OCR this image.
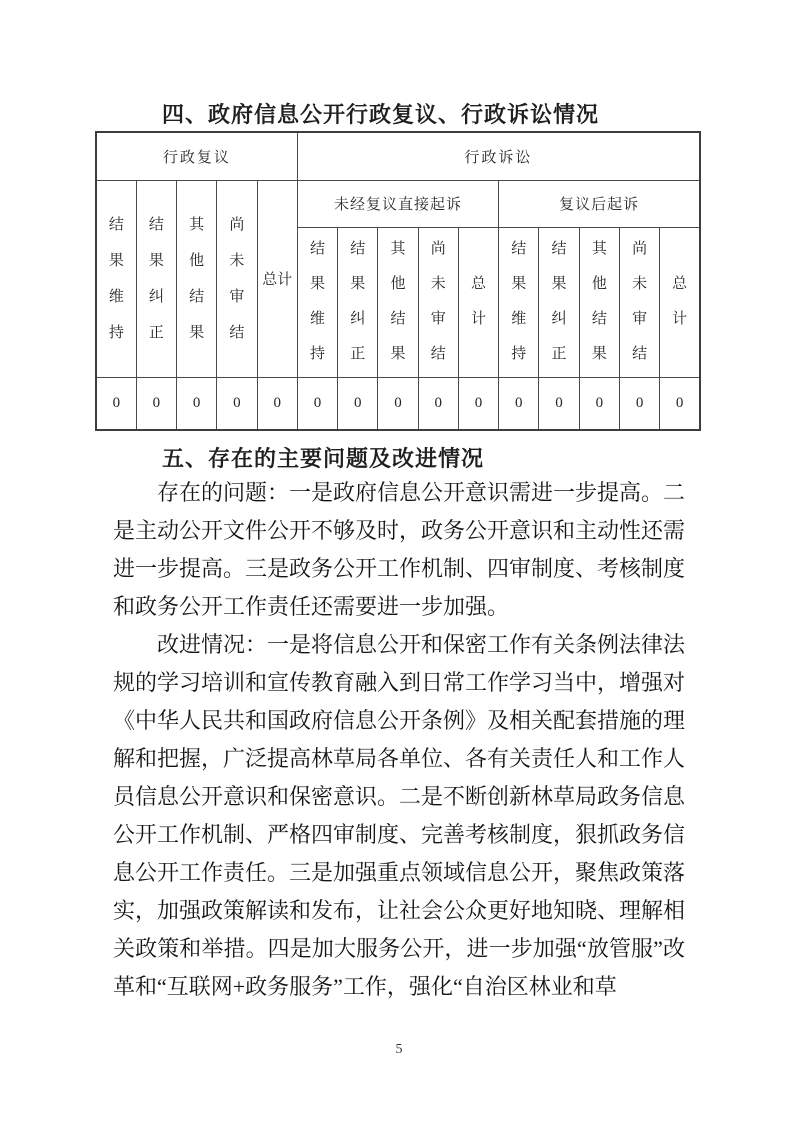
四、政府信息公开行政复议、行政诉讼情况
行政复议					行政诉讼									

结果维持	结果纠正	其他结果	尚未审结	总计	未经复议直接起诉					复议后起诉				

					结果维持	结果纠正	其他结果	尚未审结	总计	结果维持	结果纠正	其他结果	尚未审结	总计

0	0	0	0	0	0	0	0	0	0	0	0	0	0	0
五、存在的主要问题及改进情况

存在的问题：一是政府信息公开意识需进一步提高。二是主动公开文件公开不够及时，政务公开意识和主动性还需进一步提高。三是政务公开工作机制、四审制度、考核制度和政务公开工作责任还需要进一步加强。

改进情况：一是将信息公开和保密工作有关条例法律法规的学习培训和宣传教育融入到日常工作学习当中，增强对《中华人民共和国政府信息公开条例》及相关配套措施的理解和把握，广泛提高林草局各单位、各有关责任人和工作人员信息公开意识和保密意识。二是不断创新林草局政务信息公开工作机制、严格四审制度、完善考核制度，狠抓政务信息公开工作责任。三是加强重点领域信息公开，聚焦政策落实，加强政策解读和发布，让社会公众更好地知晓、理解相关政策和举措。四是加大服务公开，进一步加强“放管服”改革和“互联网+政务服务”工作，强化“自治区林业和草

5
